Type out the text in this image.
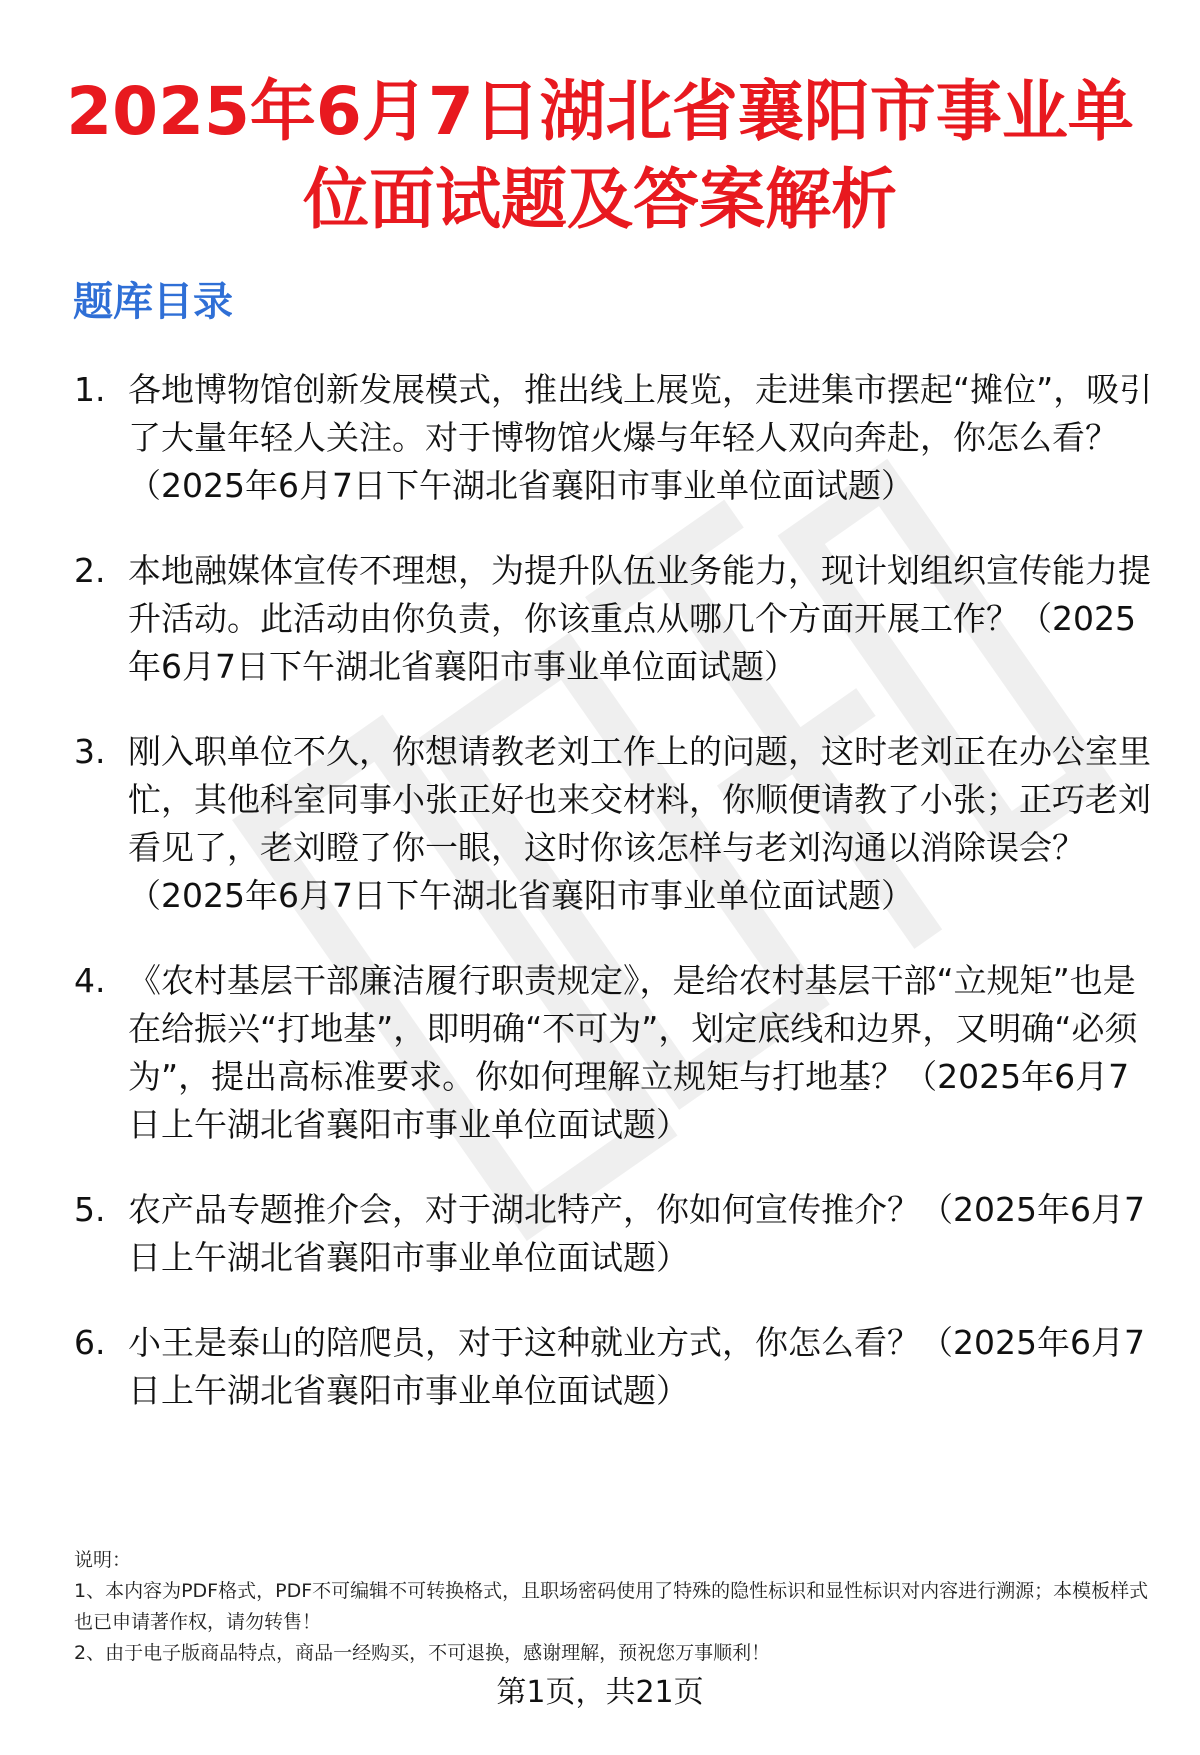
2025年6月7日湖北省襄阳市事业单位面试题及答案解析
题库目录
1. 各地博物馆创新发展模式，推出线上展览，走进集市摆起“摊位”，吸引了大量年轻人关注。对于博物馆火爆与年轻人双向奔赴，你怎么看？（2025年6月7日下午湖北省襄阳市事业单位面试题）
2. 本地融媒体宣传不理想，为提升队伍业务能力，现计划组织宣传能力提升活动。此活动由你负责，你该重点从哪几个方面开展工作？（2025年6月7日下午湖北省襄阳市事业单位面试题）
3. 刚入职单位不久，你想请教老刘工作上的问题，这时老刘正在办公室里忙，其他科室同事小张正好也来交材料，你顺便请教了小张；正巧老刘看见了，老刘瞪了你一眼，这时你该怎样与老刘沟通以消除误会？（2025年6月7日下午湖北省襄阳市事业单位面试题）
4. 《农村基层干部廉洁履行职责规定》，是给农村基层干部“立规矩”也是在给振兴“打地基”，即明确“不可为”，划定底线和边界，又明确“必须为”，提出高标准要求。你如何理解立规矩与打地基？（2025年6月7日上午湖北省襄阳市事业单位面试题）
5. 农产品专题推介会，对于湖北特产，你如何宣传推介？（2025年6月7日上午湖北省襄阳市事业单位面试题）
6. 小王是泰山的陪爬员，对于这种就业方式，你怎么看？（2025年6月7日上午湖北省襄阳市事业单位面试题）
说明：
1、本内容为PDF格式，PDF不可编辑不可转换格式，且职场密码使用了特殊的隐性标识和显性标识对内容进行溯源；本模板样式也已申请著作权，请勿转售！
2、由于电子版商品特点，商品一经购买，不可退换，感谢理解，预祝您万事顺利！
第1页，共21页
